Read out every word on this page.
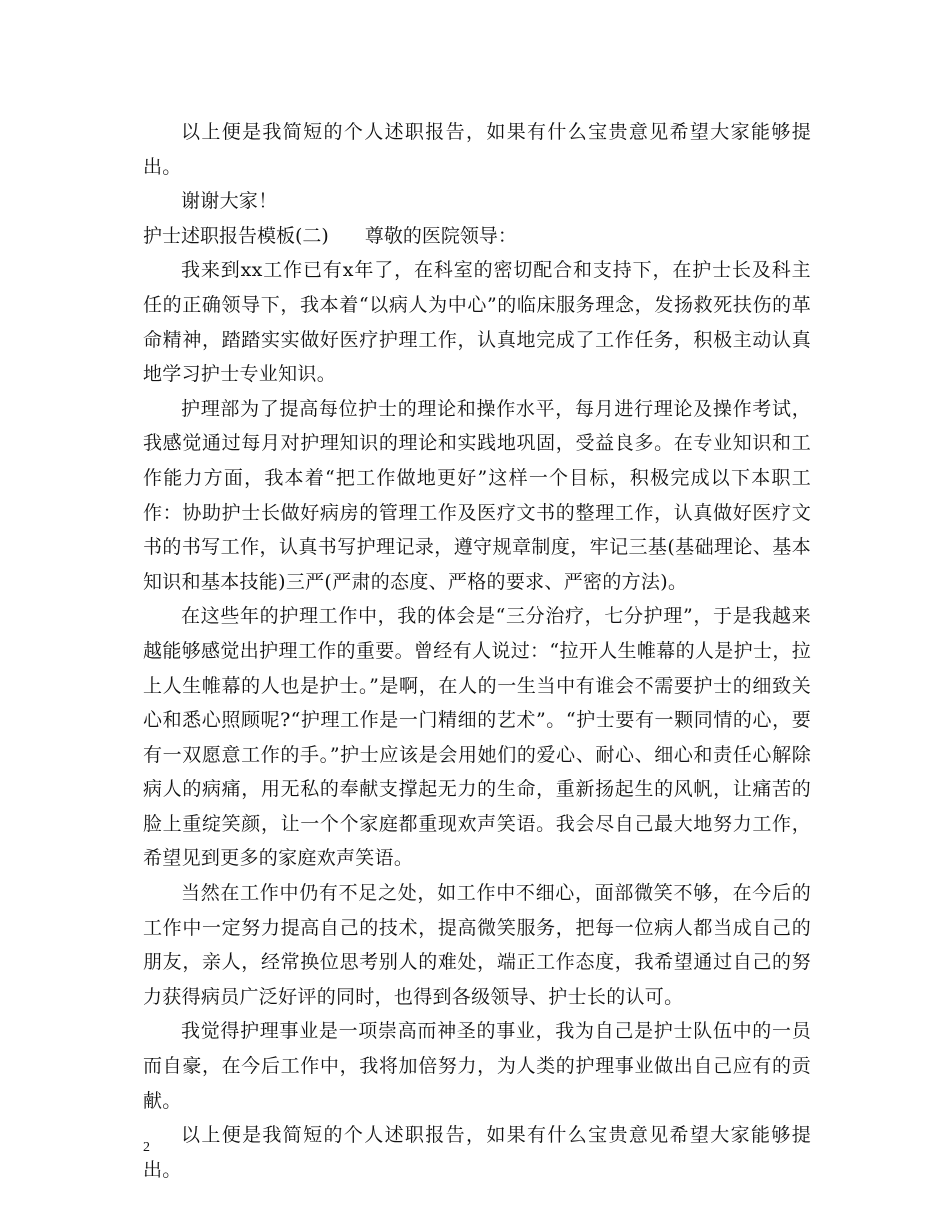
以上便是我简短的个人述职报告，如果有什么宝贵意见希望大家能够提出。

谢谢大家！

护士述职报告模板(二) 尊敬的医院领导：

我来到xx工作已有x年了，在科室的密切配合和支持下，在护士长及科主任的正确领导下，我本着“以病人为中心”的临床服务理念，发扬救死扶伤的革命精神，踏踏实实做好医疗护理工作，认真地完成了工作任务，积极主动认真地学习护士专业知识。

护理部为了提高每位护士的理论和操作水平，每月进行理论及操作考试，我感觉通过每月对护理知识的理论和实践地巩固，受益良多。在专业知识和工作能力方面，我本着“把工作做地更好”这样一个目标，积极完成以下本职工作：协助护士长做好病房的管理工作及医疗文书的整理工作，认真做好医疗文书的书写工作，认真书写护理记录，遵守规章制度，牢记三基(基础理论、基本知识和基本技能)三严(严肃的态度、严格的要求、严密的方法)。

在这些年的护理工作中，我的体会是“三分治疗，七分护理”，于是我越来越能够感觉出护理工作的重要。曾经有人说过：“拉开人生帷幕的人是护士，拉上人生帷幕的人也是护士。”是啊，在人的一生当中有谁会不需要护士的细致关心和悉心照顾呢?“护理工作是一门精细的艺术”。“护士要有一颗同情的心，要有一双愿意工作的手。”护士应该是会用她们的爱心、耐心、细心和责任心解除病人的病痛，用无私的奉献支撑起无力的生命，重新扬起生的风帆，让痛苦的脸上重绽笑颜，让一个个家庭都重现欢声笑语。我会尽自己最大地努力工作，希望见到更多的家庭欢声笑语。

当然在工作中仍有不足之处，如工作中不细心，面部微笑不够，在今后的工作中一定努力提高自己的技术，提高微笑服务，把每一位病人都当成自己的朋友，亲人，经常换位思考别人的难处，端正工作态度，我希望通过自己的努力获得病员广泛好评的同时，也得到各级领导、护士长的认可。

我觉得护理事业是一项崇高而神圣的事业，我为自己是护士队伍中的一员而自豪，在今后工作中，我将加倍努力，为人类的护理事业做出自己应有的贡献。

以上便是我简短的个人述职报告，如果有什么宝贵意见希望大家能够提出。

2
